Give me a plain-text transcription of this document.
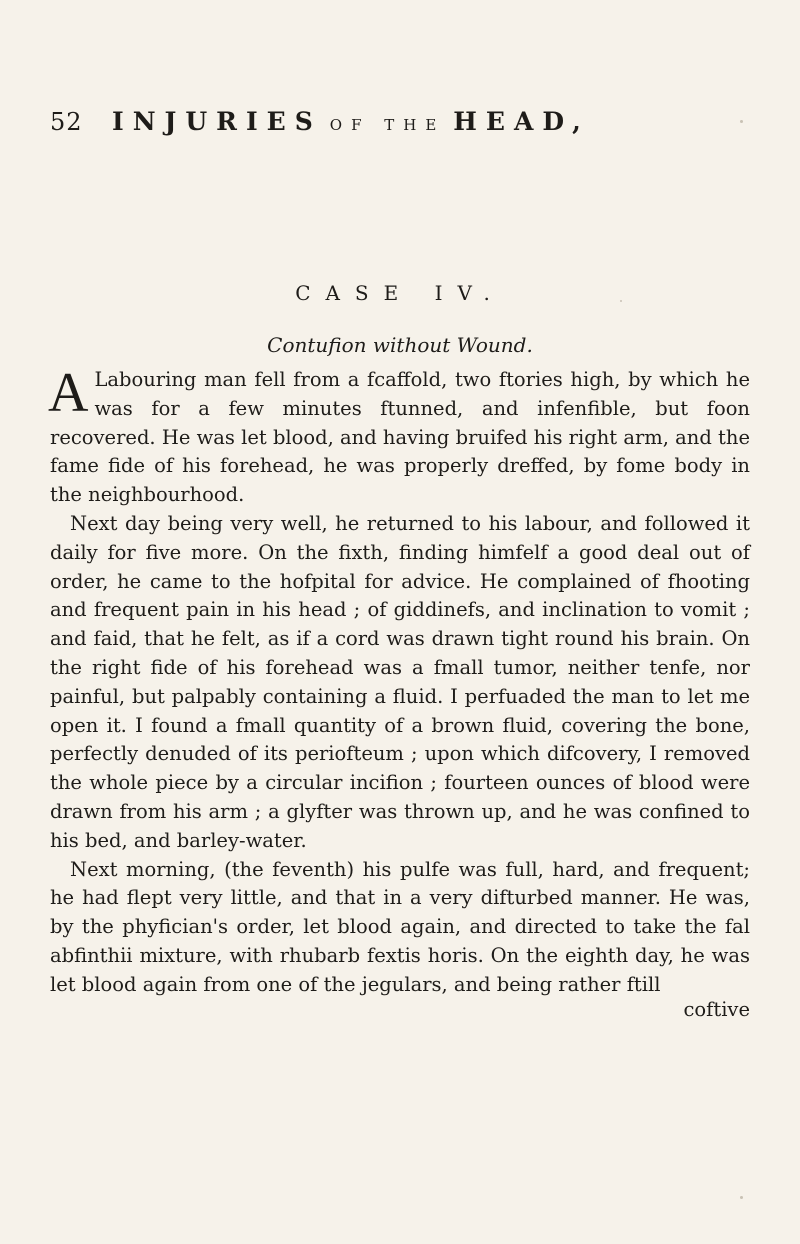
52 INJURIES OF THE HEAD,
CASE IV.
Contufion without Wound.

A Labouring man fell from a fcaffold, two ftories high, by which he was for a few minutes ftunned, and infenfible, but foon recovered. He was let blood, and having bruifed his right arm, and the fame fide of his forehead, he was properly dreffed, by fome body in the neighbourhood.

Next day being very well, he returned to his labour, and followed it daily for five more. On the fixth, finding himfelf a good deal out of order, he came to the hofpital for advice. He complained of fhooting and frequent pain in his head ; of giddinefs, and inclination to vomit ; and faid, that he felt, as if a cord was drawn tight round his brain. On the right fide of his forehead was a fmall tumor, neither tenfe, nor painful, but palpably containing a fluid. I perfuaded the man to let me open it. I found a fmall quantity of a brown fluid, covering the bone, perfectly denuded of its periofteum ; upon which difcovery, I removed the whole piece by a circular incifion ; fourteen ounces of blood were drawn from his arm ; a glyfter was thrown up, and he was confined to his bed, and barley-water.

Next morning, (the feventh) his pulfe was full, hard, and frequent; he had flept very little, and that in a very difturbed manner. He was, by the phyfician's order, let blood again, and directed to take the fal abfinthii mixture, with rhubarb fextis horis. On the eighth day, he was let blood again from one of the jegulars, and being rather ftill

coftive
